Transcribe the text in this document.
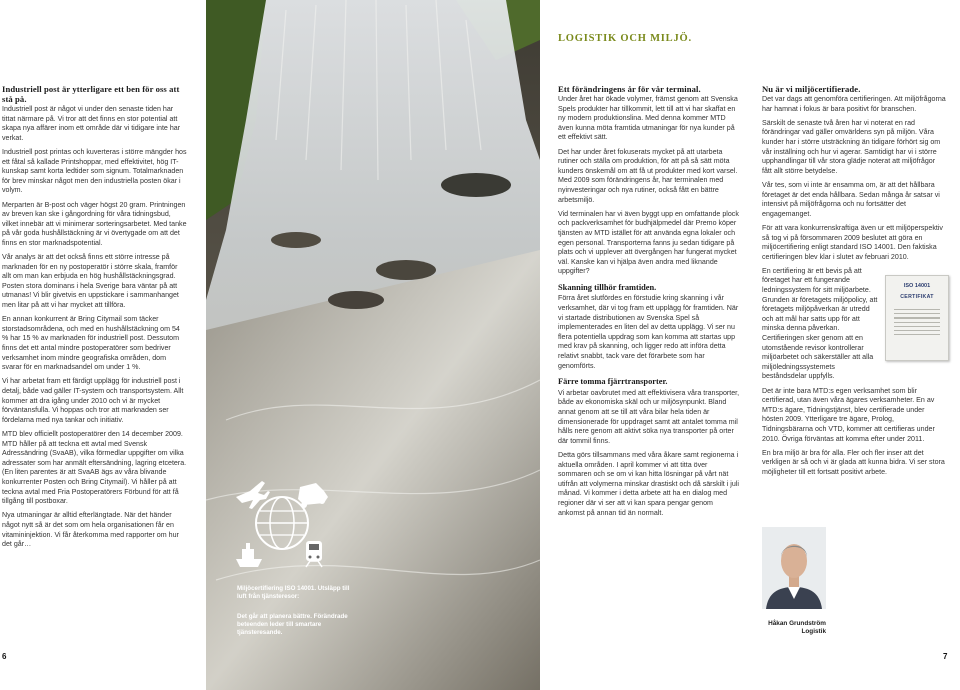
Miljöcertifiering ISO 14001. Utsläpp till luft från tjänsteresor:
Det går att planera bättre. Förändrade beteenden leder till smartare tjänsteresande.
LOGISTIK OCH MILJÖ.
Industriell post är ytterligare ett ben för oss att stå på.

Industriell post är något vi under den senaste tiden har tittat närmare på. Vi tror att det finns en stor potential att skapa nya affärer inom ett område där vi tidigare inte har verkat.

Industriell post printas och kuverteras i större mängder hos ett fåtal så kallade Printshoppar, med effektivitet, hög IT-kunskap samt korta ledtider som signum. Totalmarknaden för brev minskar något men den industriella posten ökar i volym.

Merparten är B-post och väger högst 20 gram. Printningen av breven kan ske i gångordning för våra tidningsbud, vilket innebär att vi minimerar sorteringsarbetet. Med tanke på vår goda hushållstäckning är vi övertygade om att det finns en stor marknadspotential.

Vår analys är att det också finns ett större intresse på marknaden för en ny postoperatör i större skala, framför allt om man kan erbjuda en hög hushållstäckningsgrad. Posten stora dominans i hela Sverige bara väntar på att utmanas! Vi blir givetvis en uppstickare i sammanhanget men litar på att vi har mycket att tillföra.

En annan konkurrent är Bring Citymail som täcker storstadsområdena, och med en hushållstäckning om 54 % har 15 % av marknaden för industriell post. Dessutom finns det ett antal mindre postoperatörer som bedriver verksamhet inom mindre geografiska områden, dom svarar för en marknadsandel om under 1 %.

Vi har arbetat fram ett färdigt upplägg för industriell post i detalj, både vad gäller IT-system och transportsystem. Allt kommer att dra igång under 2010 och vi är mycket förväntansfulla. Vi hoppas och tror att marknaden ser fördelarna med nya tankar och initiativ.

MTD blev officiellt postoperatörer den 14 december 2009. MTD håller på att teckna ett avtal med Svensk Adressändring (SvaAB), vilka förmedlar uppgifter om vilka adressater som har anmält eftersändning, lagring etcetera. (En liten parentes är att SvaAB ägs av våra blivande konkurrenter Posten och Bring Citymail). Vi håller på att teckna avtal med Fria Postoperatörers Förbund för att få tillgång till postboxar.

Nya utmaningar är alltid efterlängtade. När det händer något nytt så är det som om hela organisationen får en vitamininjektion. Vi får återkomma med rapporter om hur det går…

Ett förändringens år för vår terminal.

Under året har ökade volymer, främst genom att Svenska Spels produkter har tillkommit, lett till att vi har skaffat en ny modern produktionslina. Med denna kommer MTD även kunna möta framtida utmaningar för nya kunder på ett effektivt sätt.

Det har under året fokuserats mycket på att utarbeta rutiner och ställa om produktion, för att på så sätt möta kunders önskemål om att få ut produkter med kort varsel. Med 2009 som förändringens år, har terminalen med nyinvesteringar och nya rutiner, också fått en bättre arbetsmiljö.

Vid terminalen har vi även byggt upp en omfattande plock och packverksamhet för budhjälpmedel där Premo köper tjänsten av MTD istället för att använda egna lokaler och egen personal. Transporterna fanns ju sedan tidigare på plats och vi upplever att övergången har fungerat mycket väl. Kanske kan vi hjälpa även andra med liknande uppgifter?

Skanning tillhör framtiden.

Förra året slutfördes en förstudie kring skanning i vår verksamhet, där vi tog fram ett upplägg för framtiden. När vi startade distributionen av Svenska Spel så implementerades en liten del av detta upplägg. Vi ser nu flera potentiella uppdrag som kan komma att startas upp med krav på skanning, och ligger redo att införa detta relativt snabbt, tack vare det förarbete som har genomförts.

Färre tomma fjärrtransporter.

Vi arbetar oavbrutet med att effektivisera våra transporter, både av ekonomiska skäl och ur miljösynpunkt. Bland annat genom att se till att våra bilar hela tiden är dimensionerade för uppdraget samt att antalet tomma mil hålls nere genom att aktivt söka nya transporter på orter där tommil finns.

Detta görs tillsammans med våra åkare samt regionerna i aktuella områden. I april kommer vi att titta över sommaren och se om vi kan hitta lösningar på vårt nät utifrån att volymerna minskar drastiskt och då särskilt i juli månad. Vi kommer i detta arbete att ha en dialog med regioner där vi ser att vi kan spara pengar genom ankomst på annan tid än normalt.

Nu är vi miljöcertifierade.

Det var dags att genomföra certifieringen. Att miljöfrågorna har hamnat i fokus är bara positivt för branschen.

Särskilt de senaste två åren har vi noterat en rad förändringar vad gäller omvärldens syn på miljön. Våra kunder har i större utsträckning än tidigare förhört sig om vår inställning och hur vi agerar. Samtidigt har vi i större upphandlingar till vår stora glädje noterat att miljöfrågor fått allt större betydelse.

Vår tes, som vi inte är ensamma om, är att det hållbara företaget är det enda hållbara. Sedan många år satsar vi intensivt på miljöfrågorna och nu fortsätter det engagemanget.

För att vara konkurrenskraftiga även ur ett miljöperspektiv så tog vi på försommaren 2009 beslutet att göra en miljöcertifiering enligt standard ISO 14001. Den faktiska certifieringen blev klar i slutet av februari 2010.

En certifiering är ett bevis på att företaget har ett fungerande ledningssystem för sitt miljöarbete. Grunden är företagets miljöpolicy, att företagets miljöpåverkan är utredd och att mål har satts upp för att minska denna påverkan. Certifieringen sker genom att en utomstående revisor kontrollerar miljöarbetet och säkerställer att alla miljöledningssystemets beståndsdelar uppfylls.

Det är inte bara MTD:s egen verksamhet som blir certifierad, utan även våra ägares verksamheter. En av MTD:s ägare, Tidningstjänst, blev certifierade under hösten 2009. Ytterligare tre ägare, Prolog, Tidningsbärarna och VTD, kommer att certifieras under 2010. Övriga förväntas att komma efter under 2011.

En bra miljö är bra för alla. Fler och fler inser att det verkligen är så och vi är glada att kunna bidra. Vi ser stora möjligheter till ett fortsatt positivt arbete.

ISO 14001
CERTIFIKAT
Håkan Grundström
Logistik
6	7
